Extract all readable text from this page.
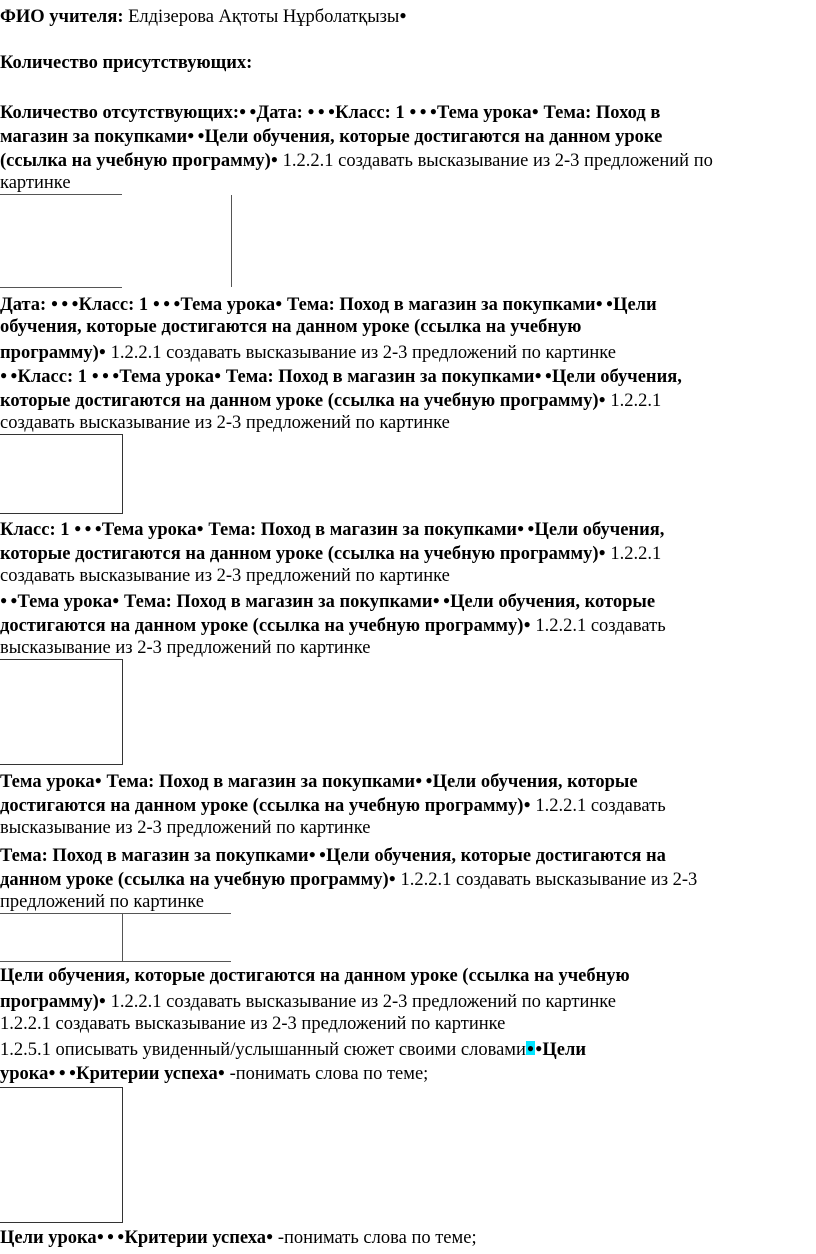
ФИО учителя: Елдізерова Ақтоты Нұрболатқызы●
Количество присутствующих:
Количество отсутствующих:● ●Дата: ● ● ●Класс: 1 ● ● ●Тема урока● Тема: Поход в
магазин за покупками● ●Цели обучения, которые достигаются на данном уроке
(ссылка на учебную программу)● 1.2.2.1 создавать высказывание из 2-3 предложений по
картинке
Дата: ● ● ●Класс: 1 ● ● ●Тема урока● Тема: Поход в магазин за покупками● ●Цели
обучения, которые достигаются на данном уроке (ссылка на учебную
программу)● 1.2.2.1 создавать высказывание из 2-3 предложений по картинке
● ●Класс: 1 ● ● ●Тема урока● Тема: Поход в магазин за покупками● ●Цели обучения,
которые достигаются на данном уроке (ссылка на учебную программу)● 1.2.2.1
создавать высказывание из 2-3 предложений по картинке
Класс: 1 ● ● ●Тема урока● Тема: Поход в магазин за покупками● ●Цели обучения,
которые достигаются на данном уроке (ссылка на учебную программу)● 1.2.2.1
создавать высказывание из 2-3 предложений по картинке
● ●Тема урока● Тема: Поход в магазин за покупками● ●Цели обучения, которые
достигаются на данном уроке (ссылка на учебную программу)● 1.2.2.1 создавать
высказывание из 2-3 предложений по картинке
Тема урока● Тема: Поход в магазин за покупками● ●Цели обучения, которые
достигаются на данном уроке (ссылка на учебную программу)● 1.2.2.1 создавать
высказывание из 2-3 предложений по картинке
Тема: Поход в магазин за покупками● ●Цели обучения, которые достигаются на
данном уроке (ссылка на учебную программу)● 1.2.2.1 создавать высказывание из 2-3
предложений по картинке
Цели обучения, которые достигаются на данном уроке (ссылка на учебную
программу)● 1.2.2.1 создавать высказывание из 2-3 предложений по картинке
1.2.2.1 создавать высказывание из 2-3 предложений по картинке
1.2.5.1 описывать увиденный/услышанный сюжет своими словами●●Цели
урока● ● ●Критерии успеха● -понимать слова по теме;
Цели урока● ● ●Критерии успеха● -понимать слова по теме;
